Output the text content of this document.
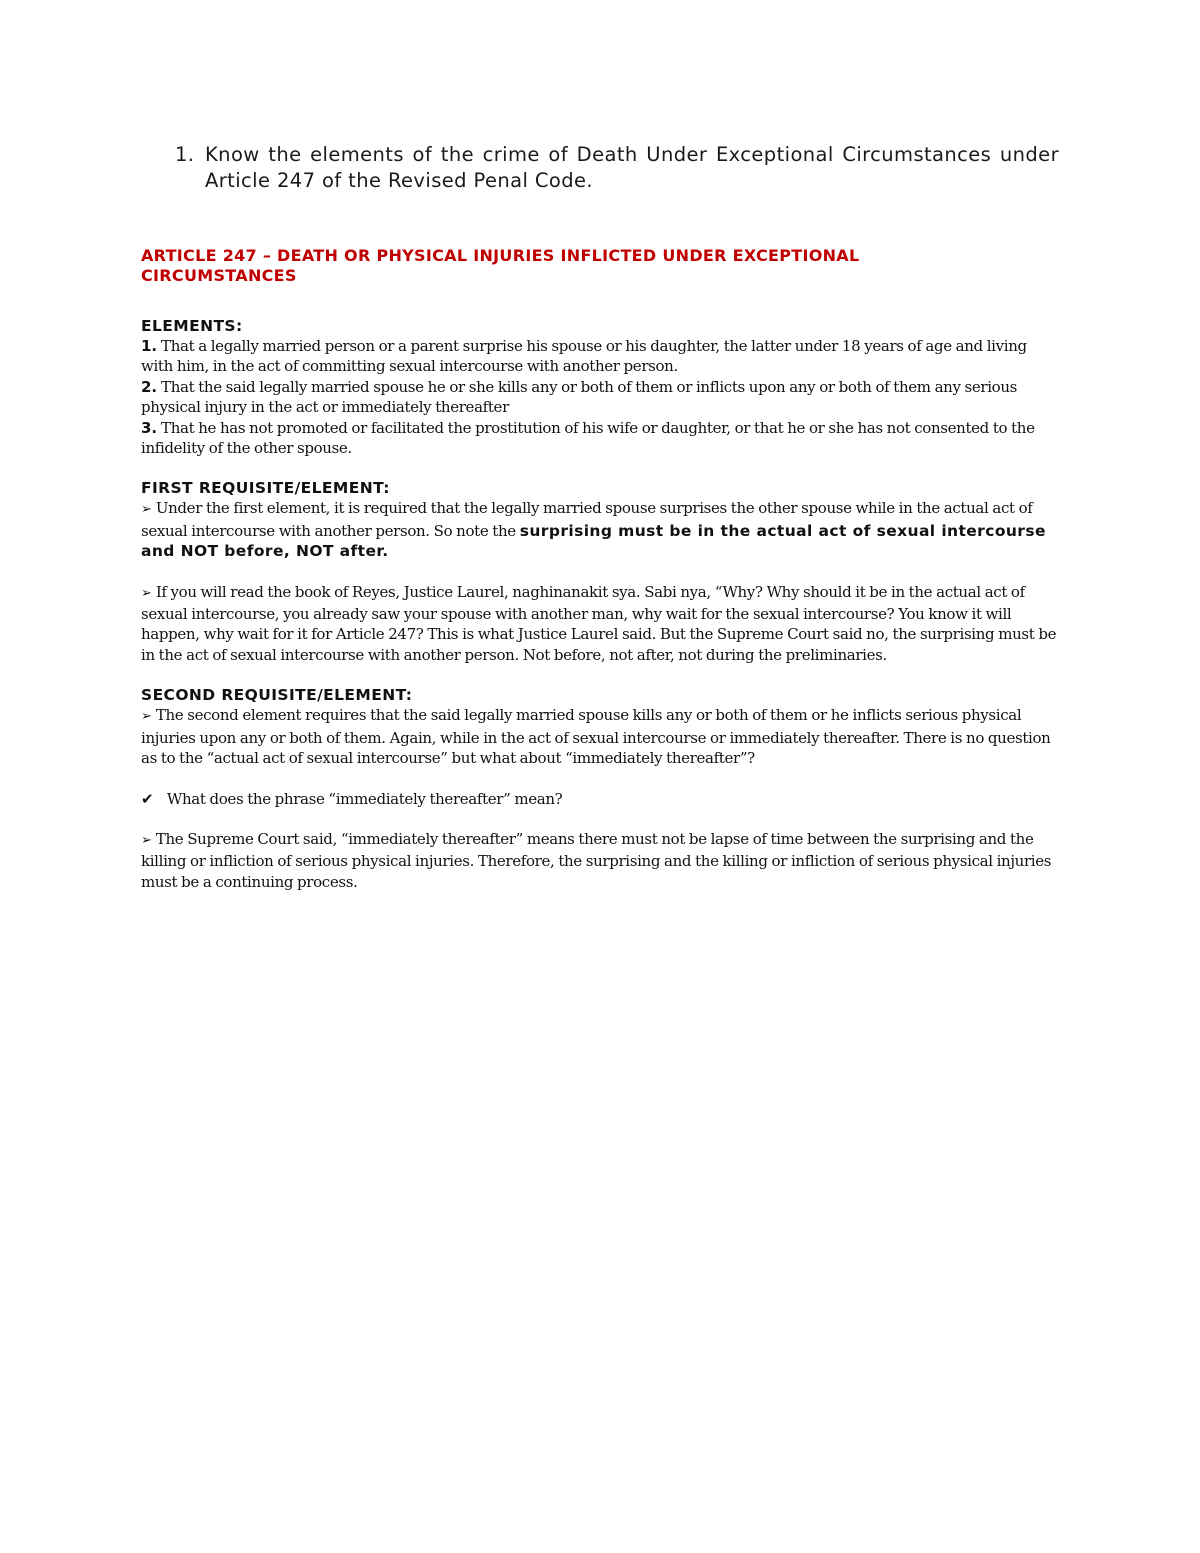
1. Know the elements of the crime of Death Under Exceptional Circumstances under Article 247 of the Revised Penal Code.
ARTICLE 247 – DEATH OR PHYSICAL INJURIES INFLICTED UNDER EXCEPTIONAL CIRCUMSTANCES
ELEMENTS:
1. That a legally married person or a parent surprise his spouse or his daughter, the latter under 18 years of age and living with him, in the act of committing sexual intercourse with another person.
2. That the said legally married spouse he or she kills any or both of them or inflicts upon any or both of them any serious physical injury in the act or immediately thereafter
3. That he has not promoted or facilitated the prostitution of his wife or daughter, or that he or she has not consented to the infidelity of the other spouse.
FIRST REQUISITE/ELEMENT:
➢ Under the first element, it is required that the legally married spouse surprises the other spouse while in the actual act of sexual intercourse with another person. So note the surprising must be in the actual act of sexual intercourse and NOT before, NOT after.
➢ If you will read the book of Reyes, Justice Laurel, naghinanakit sya. Sabi nya, “Why? Why should it be in the actual act of sexual intercourse, you already saw your spouse with another man, why wait for the sexual intercourse? You know it will happen, why wait for it for Article 247? This is what Justice Laurel said. But the Supreme Court said no, the surprising must be in the act of sexual intercourse with another person. Not before, not after, not during the preliminaries.
SECOND REQUISITE/ELEMENT:
➢ The second element requires that the said legally married spouse kills any or both of them or he inflicts serious physical injuries upon any or both of them. Again, while in the act of sexual intercourse or immediately thereafter. There is no question as to the “actual act of sexual intercourse” but what about “immediately thereafter”?
✔ What does the phrase “immediately thereafter” mean?
➢ The Supreme Court said, “immediately thereafter” means there must not be lapse of time between the surprising and the killing or infliction of serious physical injuries. Therefore, the surprising and the killing or infliction of serious physical injuries must be a continuing process.
